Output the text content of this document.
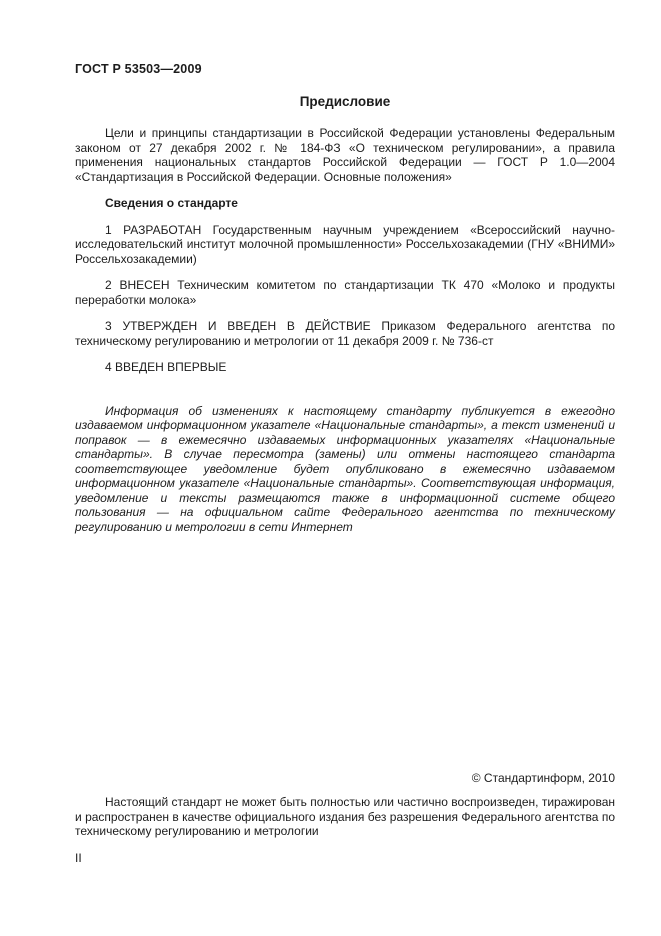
ГОСТ Р 53503—2009
Предисловие

Цели и принципы стандартизации в Российской Федерации установлены Федеральным законом от 27 декабря 2002 г. № 184-ФЗ «О техническом регулировании», а правила применения национальных стандартов Российской Федерации — ГОСТ Р 1.0—2004 «Стандартизация в Российской Федерации. Основные положения»

Сведения о стандарте

1 РАЗРАБОТАН Государственным научным учреждением «Всероссийский научно-исследовательский институт молочной промышленности» Россельхозакадемии (ГНУ «ВНИМИ» Россельхозакадемии)

2 ВНЕСЕН Техническим комитетом по стандартизации ТК 470 «Молоко и продукты переработки молока»

3 УТВЕРЖДЕН И ВВЕДЕН В ДЕЙСТВИЕ Приказом Федерального агентства по техническому регулированию и метрологии от 11 декабря 2009 г. № 736-ст

4 ВВЕДЕН ВПЕРВЫЕ

Информация об изменениях к настоящему стандарту публикуется в ежегодно издаваемом информационном указателе «Национальные стандарты», а текст изменений и поправок — в ежемесячно издаваемых информационных указателях «Национальные стандарты». В случае пересмотра (замены) или отмены настоящего стандарта соответствующее уведомление будет опубликовано в ежемесячно издаваемом информационном указателе «Национальные стандарты». Соответствующая информация, уведомление и тексты размещаются также в информационной системе общего пользования — на официальном сайте Федерального агентства по техническому регулированию и метрологии в сети Интернет

© Стандартинформ, 2010

Настоящий стандарт не может быть полностью или частично воспроизведен, тиражирован и распространен в качестве официального издания без разрешения Федерального агентства по техническому регулированию и метрологии

II
